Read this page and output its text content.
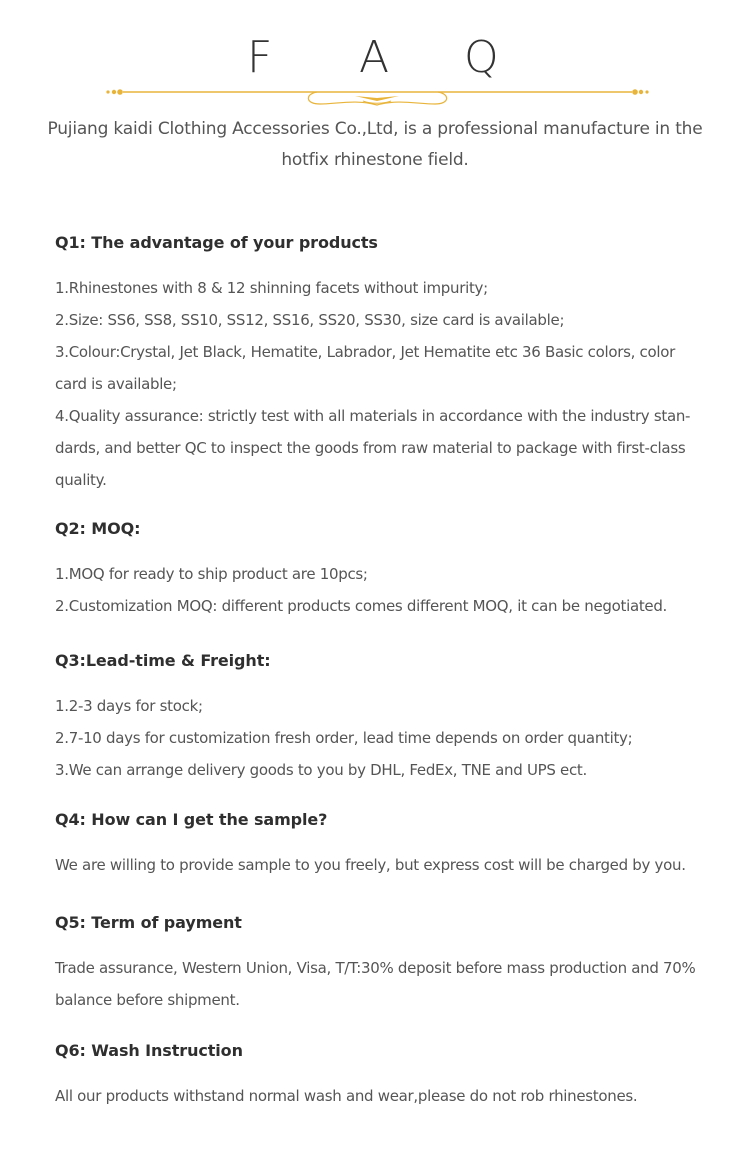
F A Q

Pujiang kaidi Clothing Accessories Co.,Ltd, is a professional manufacture in the hotfix rhinestone field.

Q1: The advantage of your products
1.Rhinestones with 8 & 12 shinning facets without impurity;
2.Size: SS6, SS8, SS10, SS12, SS16, SS20, SS30, size card is available;
3.Colour:Crystal, Jet Black, Hematite, Labrador, Jet Hematite etc 36 Basic colors, color
card is available;
4.Quality assurance: strictly test with all materials in accordance with the industry stan-
dards, and better QC to inspect the goods from raw material to package with first-class
quality.
Q2: MOQ:
1.MOQ for ready to ship product are 10pcs;
2.Customization MOQ: different products comes different MOQ, it can be negotiated.
Q3:Lead-time & Freight:
1.2-3 days for stock;
2.7-10 days for customization fresh order, lead time depends on order quantity;
3.We can arrange delivery goods to you by DHL, FedEx, TNE and UPS ect.
Q4: How can I get the sample?
We are willing to provide sample to you freely, but express cost will be charged by you.
Q5: Term of payment
Trade assurance, Western Union, Visa, T/T:30% deposit before mass production and 70%
balance before shipment.
Q6: Wash Instruction
All our products withstand normal wash and wear,please do not rob rhinestones.
